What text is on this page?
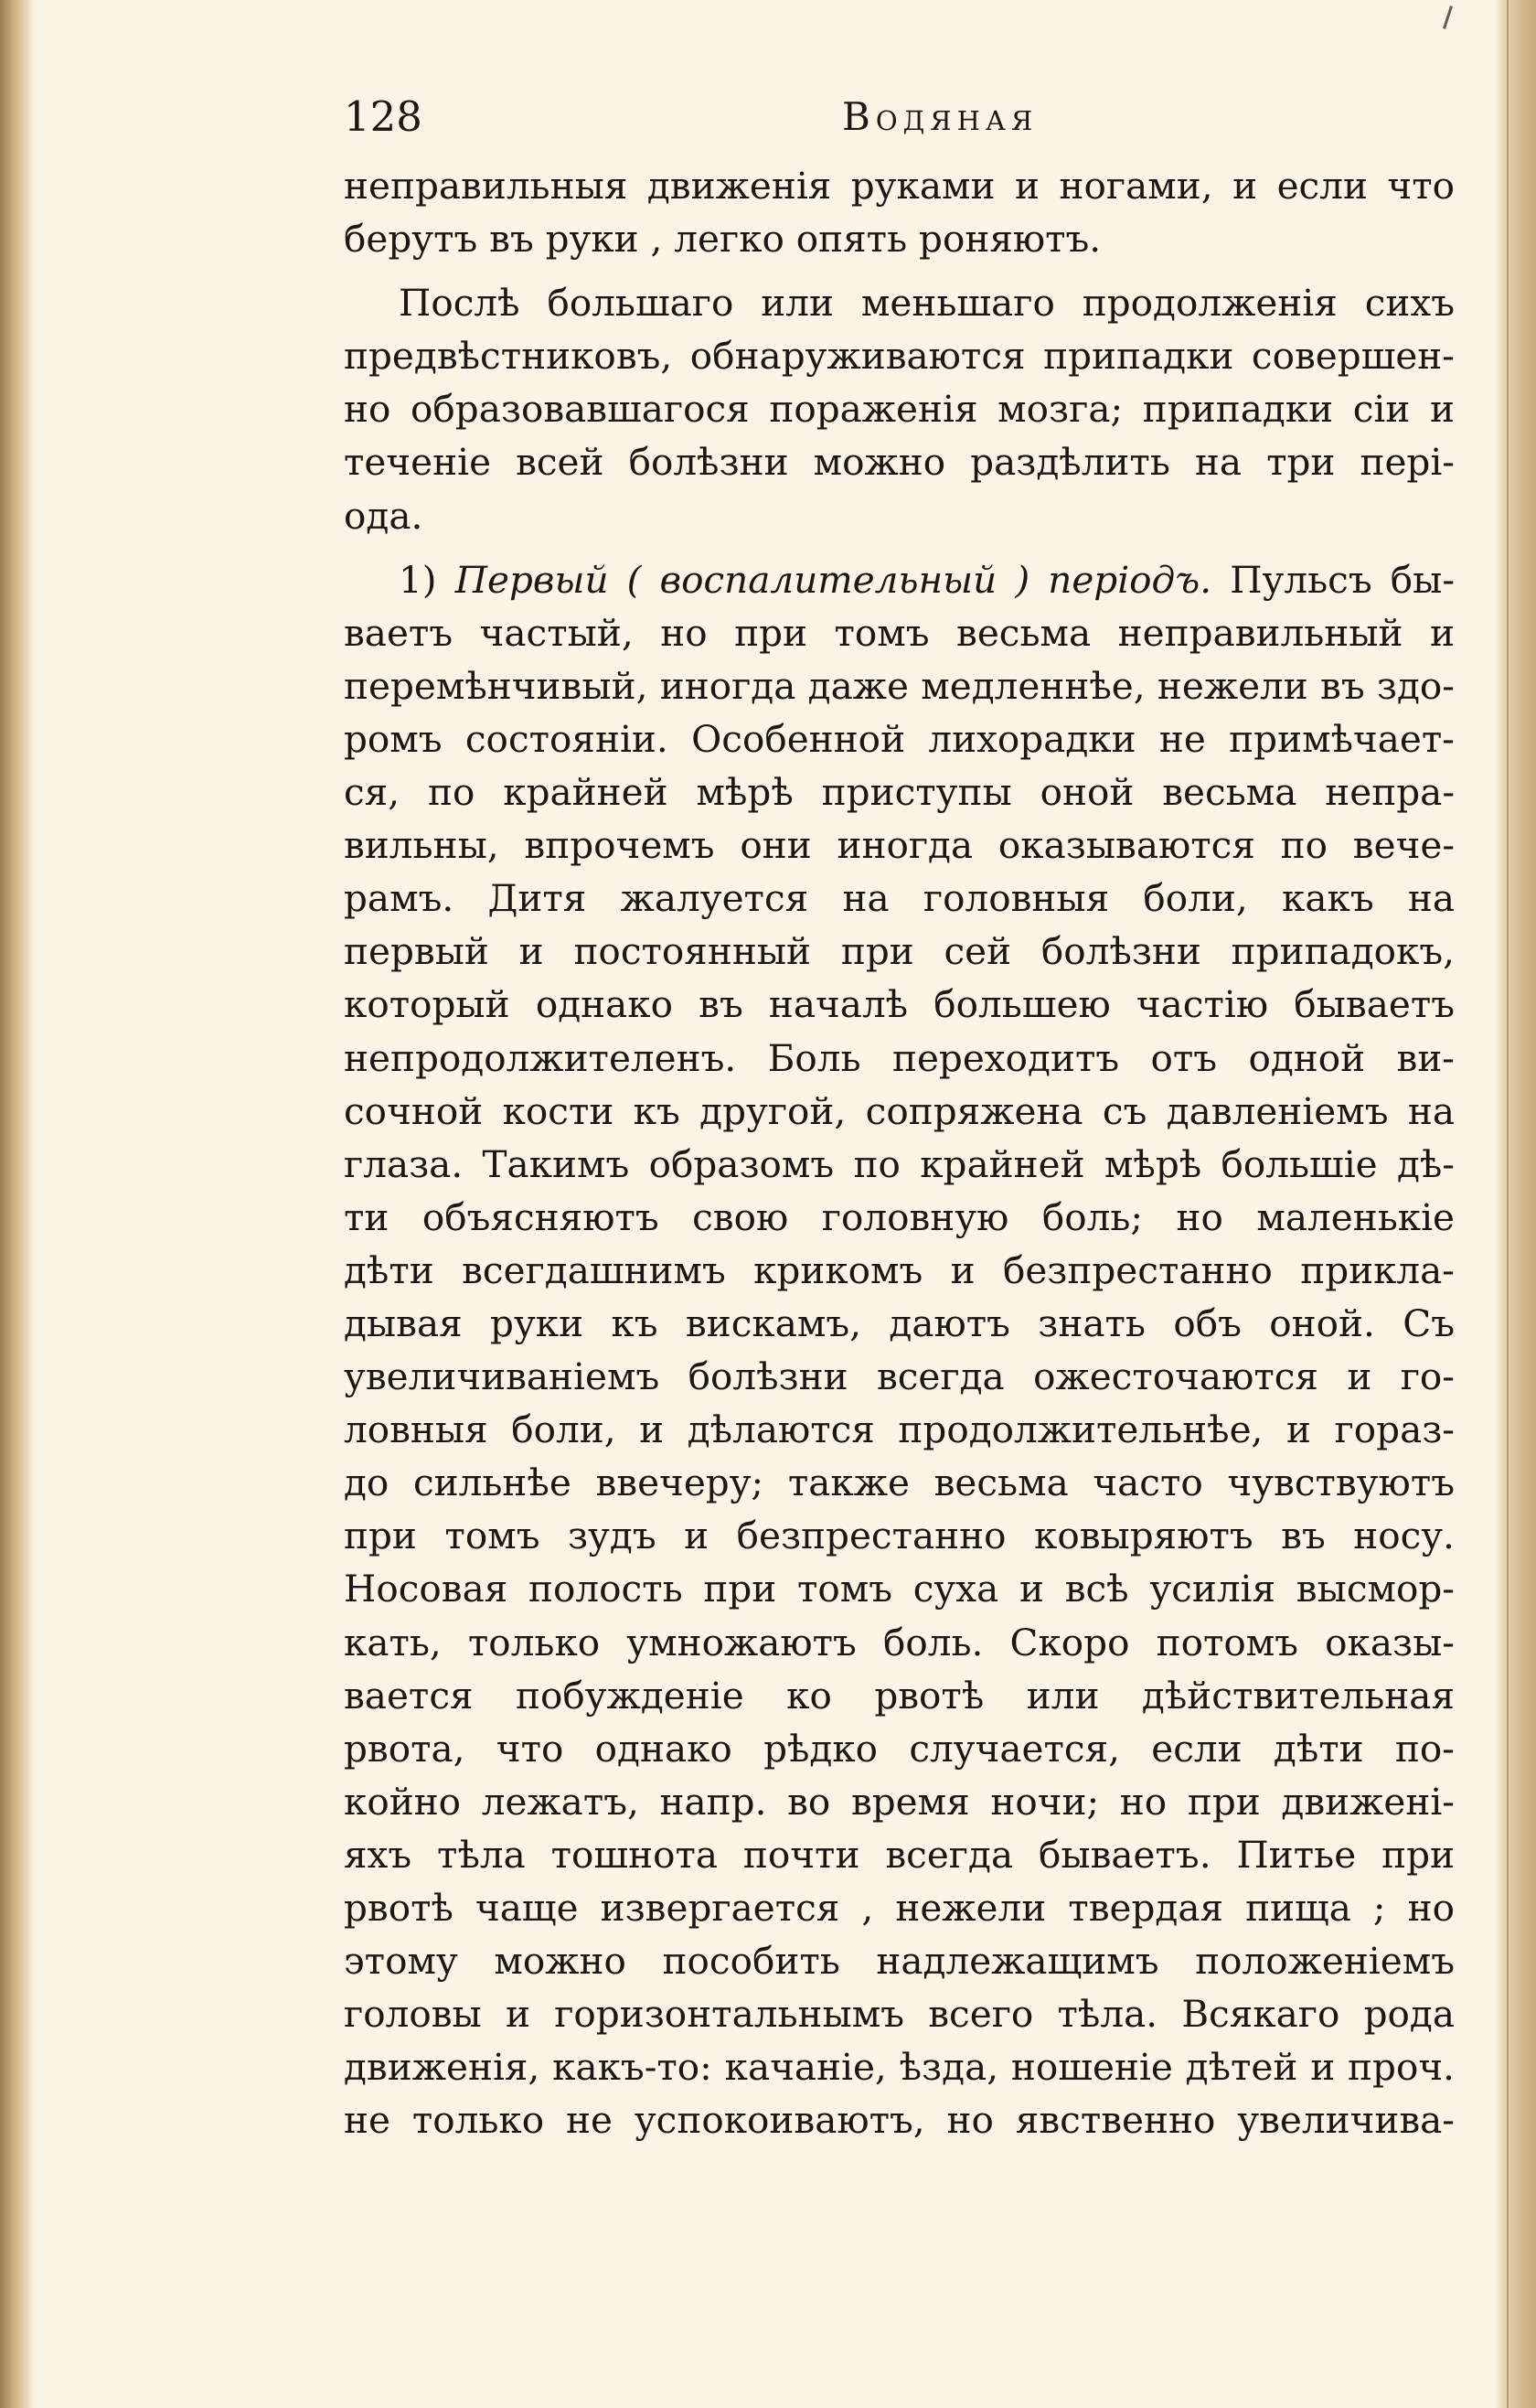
128	Водяная
неправильныя движенія руками и ногами, и если что
берутъ въ руки , легко опять роняютъ.
Послѣ большаго или меньшаго продолженія сихъ
предвѣстниковъ, обнаруживаются припадки совершен-
но образовавшагося пораженія мозга; припадки сіи и
теченіе всей болѣзни можно раздѣлить на три пері-
ода.
1) Первый ( воспалительный ) періодъ. Пульсъ бы-
ваетъ частый, но при томъ весьма неправильный и
перемѣнчивый, иногда даже медленнѣе, нежели въ здо-
ромъ состояніи. Особенной лихорадки не примѣчает-
ся, по крайней мѣрѣ приступы оной весьма непра-
вильны, впрочемъ они иногда оказываются по вече-
рамъ. Дитя жалуется на головныя боли, какъ на
первый и постоянный при сей болѣзни припадокъ,
который однако въ началѣ большею частію бываетъ
непродолжителенъ. Боль переходитъ отъ одной ви-
сочной кости къ другой, сопряжена съ давленіемъ на
глаза. Такимъ образомъ по крайней мѣрѣ большіе дѣ-
ти объясняютъ свою головную боль; но маленькіе
дѣти всегдашнимъ крикомъ и безпрестанно прикла-
дывая руки къ вискамъ, даютъ знать объ оной. Съ
увеличиваніемъ болѣзни всегда ожесточаются и го-
ловныя боли, и дѣлаются продолжительнѣе, и гораз-
до сильнѣе ввечеру; также весьма часто чувствуютъ
при томъ зудъ и безпрестанно ковыряютъ въ носу.
Носовая полость при томъ суха и всѣ усилія высмор-
кать, только умножаютъ боль. Скоро потомъ оказы-
вается побужденіе ко рвотѣ или дѣйствительная
рвота, что однако рѣдко случается, если дѣти по-
койно лежатъ, напр. во время ночи; но при движені-
яхъ тѣла тошнота почти всегда бываетъ. Питье при
рвотѣ чаще извергается , нежели твердая пища ; но
этому можно пособить надлежащимъ положеніемъ
головы и горизонтальнымъ всего тѣла. Всякаго рода
движенія, какъ-то: качаніе, ѣзда, ношеніе дѣтей и проч.
не только не успокоиваютъ, но явственно увеличива-
